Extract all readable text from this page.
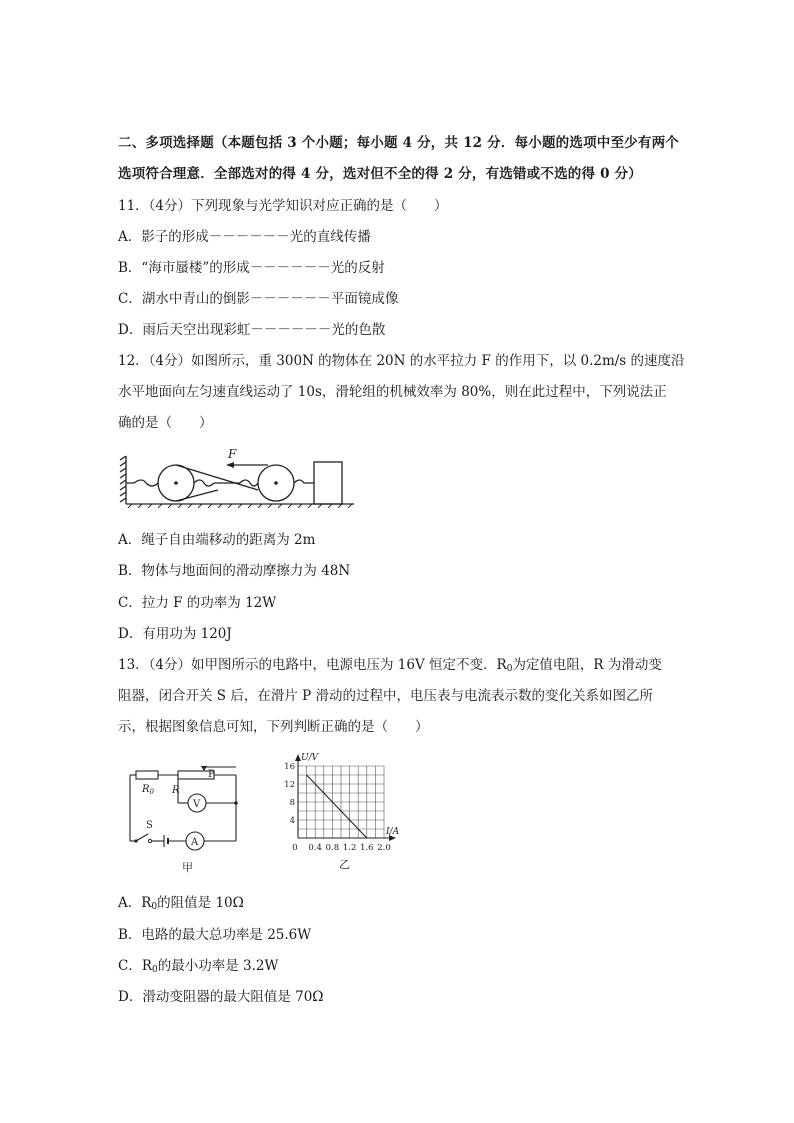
二、多项选择题（本题包括 3 个小题；每小题 4 分，共 12 分．每小题的选项中至少有两个
选项符合理意．全部选对的得 4 分，选对但不全的得 2 分，有选错或不选的得 0 分）
11．（4分）下列现象与光学知识对应正确的是（　　）
A．影子的形成－－－－－－光的直线传播
B．“海市蜃楼”的形成－－－－－－光的反射
C．湖水中青山的倒影－－－－－－平面镜成像
D．雨后天空出现彩虹－－－－－－光的色散
12．（4分）如图所示，重 300N 的物体在 20N 的水平拉力 F 的作用下，以 0.2m/s 的速度沿
水平地面向左匀速直线运动了 10s，滑轮组的机械效率为 80%，则在此过程中，下列说法正
确的是（　　）
F
A．绳子自由端移动的距离为 2m
B．物体与地面间的滑动摩擦力为 48N
C．拉力 F 的功率为 12W
D．有用功为 120J
13．（4分）如甲图所示的电路中，电源电压为 16V 恒定不变．$R_0$为定值电阻，R 为滑动变
阻器，闭合开关 S 后，在滑片 P 滑动的过程中，电压表与电流表示数的变化关系如图乙所
示，根据图象信息可知，下列判断正确的是（　　）
$R_0$ R
P
V
A
S
甲
U/V
I/A
16
12
8
4
0 0.4 0.8 1.2 1.6 2.0
乙
A．$R_0$的阻值是 10Ω
B．电路的最大总功率是 25.6W
C．$R_0$的最小功率是 3.2W
D．滑动变阻器的最大阻值是 70Ω
